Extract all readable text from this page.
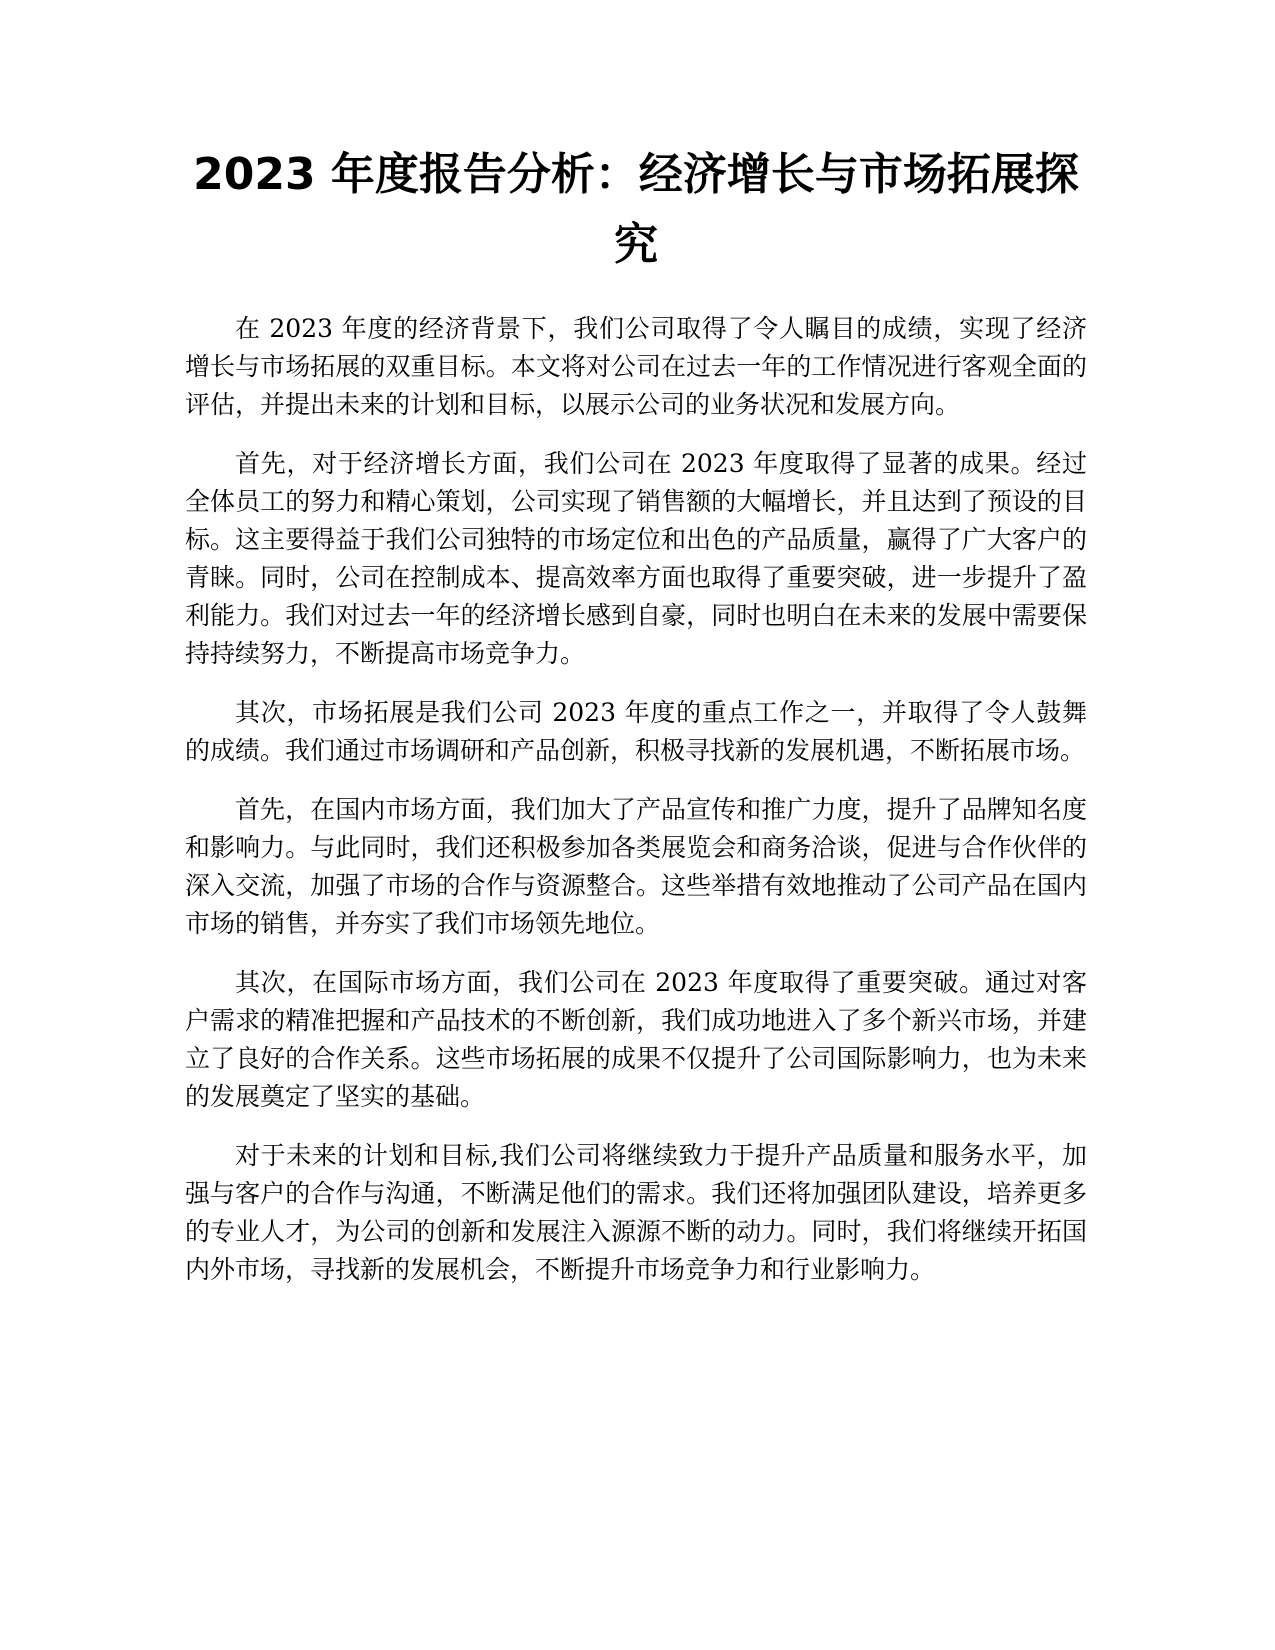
2023 年度报告分析：经济增长与市场拓展探究

在 2023 年度的经济背景下，我们公司取得了令人瞩目的成绩，实现了经济增长与市场拓展的双重目标。本文将对公司在过去一年的工作情况进行客观全面的评估，并提出未来的计划和目标，以展示公司的业务状况和发展方向。

首先，对于经济增长方面，我们公司在 2023 年度取得了显著的成果。经过全体员工的努力和精心策划，公司实现了销售额的大幅增长，并且达到了预设的目标。这主要得益于我们公司独特的市场定位和出色的产品质量，赢得了广大客户的青睐。同时，公司在控制成本、提高效率方面也取得了重要突破，进一步提升了盈利能力。我们对过去一年的经济增长感到自豪，同时也明白在未来的发展中需要保持持续努力，不断提高市场竞争力。

其次，市场拓展是我们公司 2023 年度的重点工作之一，并取得了令人鼓舞的成绩。我们通过市场调研和产品创新，积极寻找新的发展机遇，不断拓展市场。

首先，在国内市场方面，我们加大了产品宣传和推广力度，提升了品牌知名度和影响力。与此同时，我们还积极参加各类展览会和商务洽谈，促进与合作伙伴的深入交流，加强了市场的合作与资源整合。这些举措有效地推动了公司产品在国内市场的销售，并夯实了我们市场领先地位。

其次，在国际市场方面，我们公司在 2023 年度取得了重要突破。通过对客户需求的精准把握和产品技术的不断创新，我们成功地进入了多个新兴市场，并建立了良好的合作关系。这些市场拓展的成果不仅提升了公司国际影响力，也为未来的发展奠定了坚实的基础。

对于未来的计划和目标,我们公司将继续致力于提升产品质量和服务水平，加强与客户的合作与沟通，不断满足他们的需求。我们还将加强团队建设，培养更多的专业人才，为公司的创新和发展注入源源不断的动力。同时，我们将继续开拓国内外市场，寻找新的发展机会，不断提升市场竞争力和行业影响力。
